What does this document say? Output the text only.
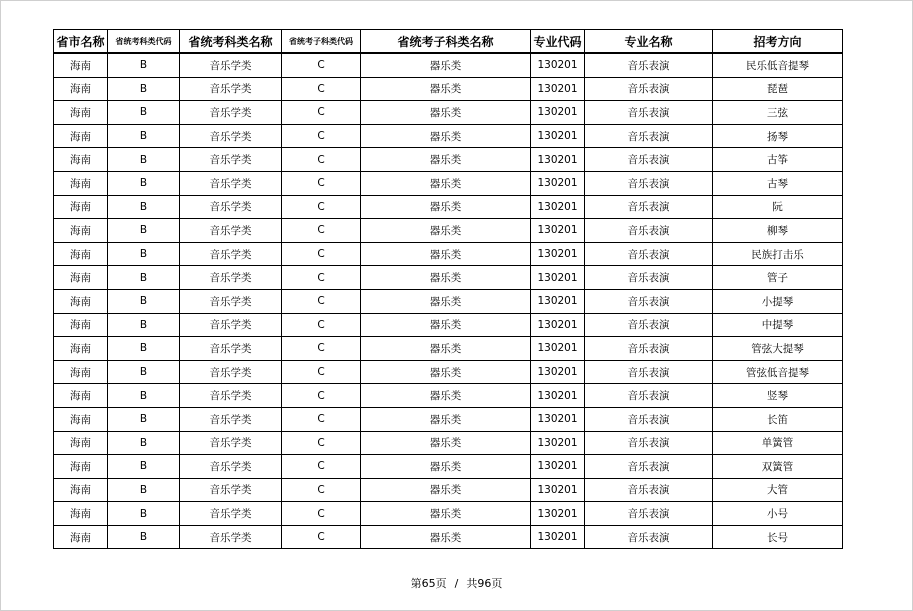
省市名称	省统考科类代码	省统考科类名称	省统考子科类代码	省统考子科类名称	专业代码	专业名称	招考方向
海南	B	音乐学类	C	器乐类	130201	音乐表演	民乐低音提琴
海南	B	音乐学类	C	器乐类	130201	音乐表演	琵琶
海南	B	音乐学类	C	器乐类	130201	音乐表演	三弦
海南	B	音乐学类	C	器乐类	130201	音乐表演	扬琴
海南	B	音乐学类	C	器乐类	130201	音乐表演	古筝
海南	B	音乐学类	C	器乐类	130201	音乐表演	古琴
海南	B	音乐学类	C	器乐类	130201	音乐表演	阮
海南	B	音乐学类	C	器乐类	130201	音乐表演	柳琴
海南	B	音乐学类	C	器乐类	130201	音乐表演	民族打击乐
海南	B	音乐学类	C	器乐类	130201	音乐表演	管子
海南	B	音乐学类	C	器乐类	130201	音乐表演	小提琴
海南	B	音乐学类	C	器乐类	130201	音乐表演	中提琴
海南	B	音乐学类	C	器乐类	130201	音乐表演	管弦大提琴
海南	B	音乐学类	C	器乐类	130201	音乐表演	管弦低音提琴
海南	B	音乐学类	C	器乐类	130201	音乐表演	竖琴
海南	B	音乐学类	C	器乐类	130201	音乐表演	长笛
海南	B	音乐学类	C	器乐类	130201	音乐表演	单簧管
海南	B	音乐学类	C	器乐类	130201	音乐表演	双簧管
海南	B	音乐学类	C	器乐类	130201	音乐表演	大管
海南	B	音乐学类	C	器乐类	130201	音乐表演	小号
海南	B	音乐学类	C	器乐类	130201	音乐表演	长号
第65页 / 共96页
